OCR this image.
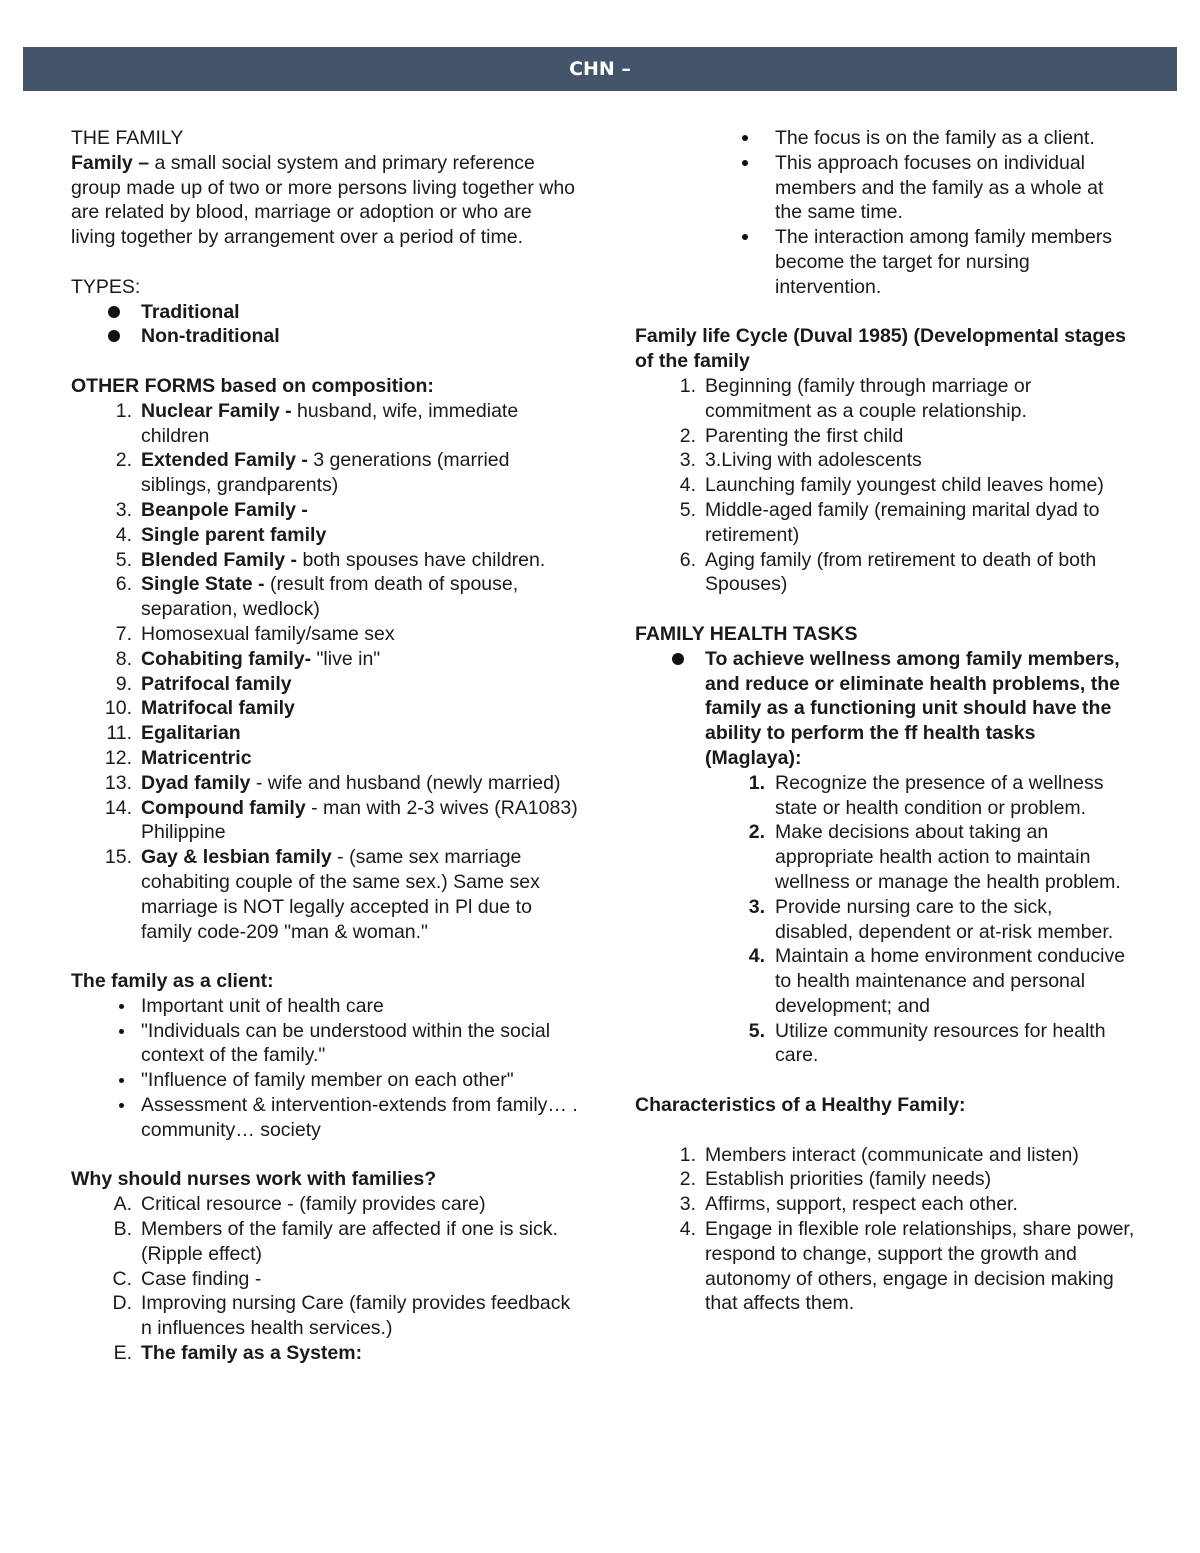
CHN –

THE FAMILY

Family – a small social system and primary reference group made up of two or more persons living together who are related by blood, marriage or adoption or who are living together by arrangement over a period of time.

TYPES:

Traditional
Non-traditional

OTHER FORMS based on composition:

1. Nuclear Family - husband, wife, immediate children
2. Extended Family - 3 generations (married siblings, grandparents)
3. Beanpole Family -
4. Single parent family
5. Blended Family - both spouses have children.
6. Single State - (result from death of spouse, separation, wedlock)
7. Homosexual family/same sex
8. Cohabiting family- "live in"
9. Patrifocal family
10. Matrifocal family
11. Egalitarian
12. Matricentric
13. Dyad family - wife and husband (newly married)
14. Compound family - man with 2-3 wives (RA1083) Philippine
15. Gay & lesbian family - (same sex marriage cohabiting couple of the same sex.) Same sex marriage is NOT legally accepted in Pl due to family code-209 "man & woman."

The family as a client:

Important unit of health care
"Individuals can be understood within the social context of the family."
"Influence of family member on each other"
Assessment & intervention-extends from family… . community… society

Why should nurses work with families?

A. Critical resource - (family provides care)
B. Members of the family are affected if one is sick. (Ripple effect)
C. Case finding -
D. Improving nursing Care (family provides feedback n influences health services.)
E. The family as a System:
The focus is on the family as a client.
This approach focuses on individual members and the family as a whole at the same time.
The interaction among family members become the target for nursing intervention.

Family life Cycle (Duval 1985) (Developmental stages of the family

1. Beginning (family through marriage or commitment as a couple relationship.
2. Parenting the first child
3. 3.Living with adolescents
4. Launching family youngest child leaves home)
5. Middle-aged family (remaining marital dyad to retirement)
6. Aging family (from retirement to death of both Spouses)

FAMILY HEALTH TASKS

To achieve wellness among family members, and reduce or eliminate health problems, the family as a functioning unit should have the ability to perform the ff health tasks (Maglaya):
1. Recognize the presence of a wellness state or health condition or problem.
2. Make decisions about taking an appropriate health action to maintain wellness or manage the health problem.
3. Provide nursing care to the sick, disabled, dependent or at-risk member.
4. Maintain a home environment conducive to health maintenance and personal development; and
5. Utilize community resources for health care.

Characteristics of a Healthy Family:

1. Members interact (communicate and listen)
2. Establish priorities (family needs)
3. Affirms, support, respect each other.
4. Engage in flexible role relationships, share power, respond to change, support the growth and autonomy of others, engage in decision making that affects them.
